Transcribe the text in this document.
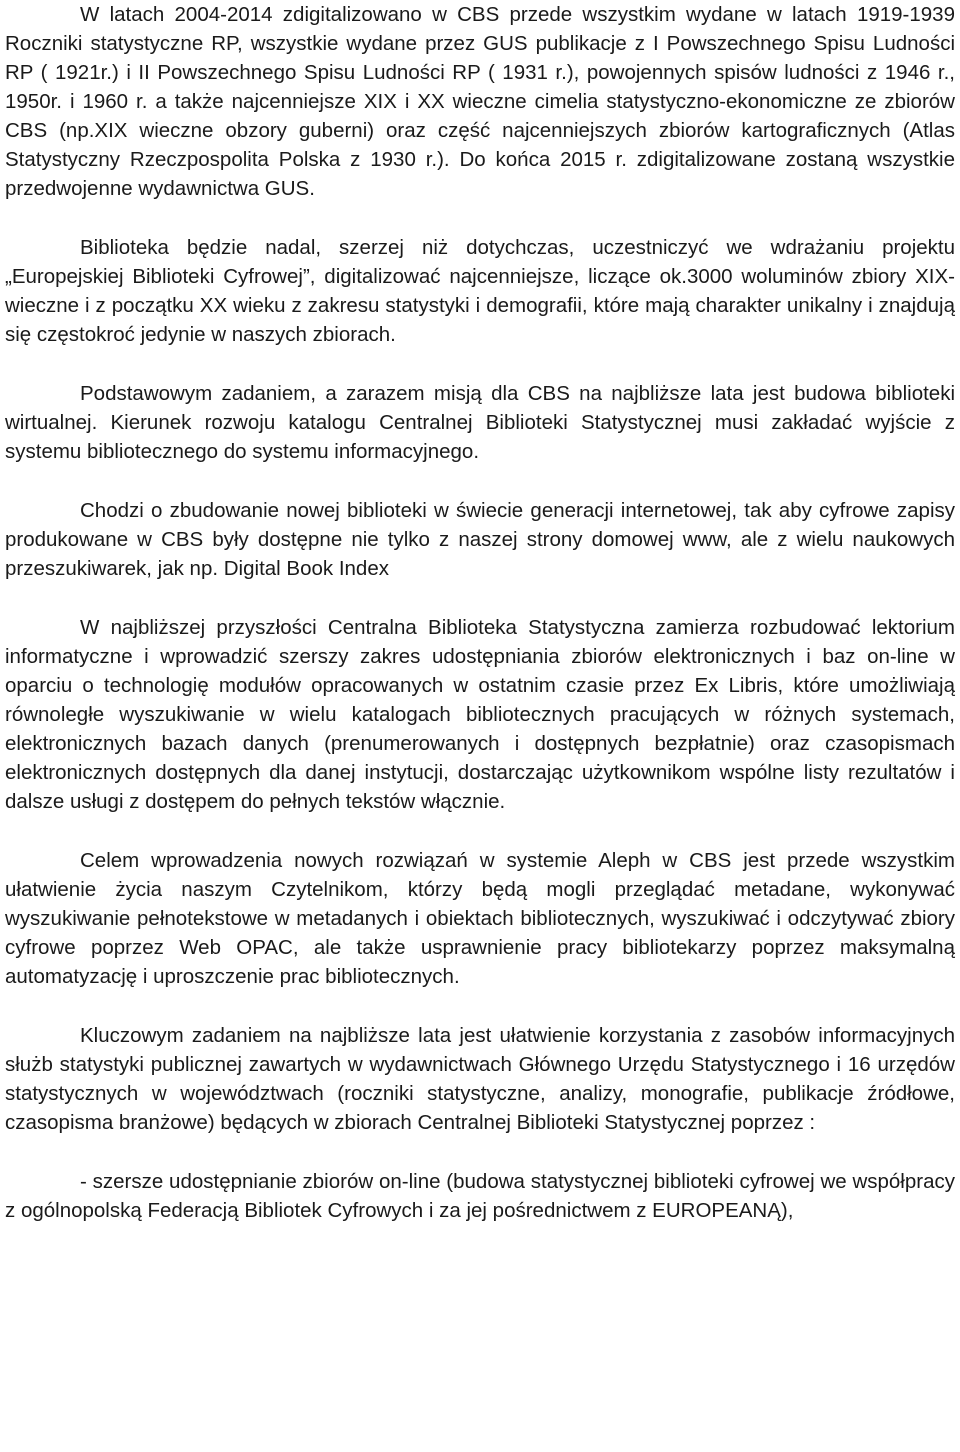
W latach 2004-2014 zdigitalizowano w CBS przede wszystkim wydane w latach 1919-1939 Roczniki statystyczne RP, wszystkie wydane przez GUS publikacje z I Powszechnego Spisu Ludności RP ( 1921r.) i II Powszechnego Spisu Ludności RP ( 1931 r.), powojennych spisów ludności z 1946 r., 1950r. i 1960 r. a także najcenniejsze XIX i XX wieczne cimelia statystyczno-ekonomiczne ze zbiorów CBS (np.XIX wieczne obzory guberni) oraz część najcenniejszych zbiorów kartograficznych (Atlas Statystyczny Rzeczpospolita Polska z 1930 r.). Do końca 2015 r. zdigitalizowane zostaną wszystkie przedwojenne wydawnictwa GUS.

Biblioteka będzie nadal, szerzej niż dotychczas, uczestniczyć we wdrażaniu projektu „Europejskiej Biblioteki Cyfrowej”, digitalizować najcenniejsze, liczące ok.3000 woluminów zbiory XIX-wieczne i z początku XX wieku z zakresu statystyki i demografii, które mają charakter unikalny i znajdują się częstokroć jedynie w naszych zbiorach.

Podstawowym zadaniem, a zarazem misją dla CBS na najbliższe lata jest budowa biblioteki wirtualnej. Kierunek rozwoju katalogu Centralnej Biblioteki Statystycznej musi zakładać wyjście z systemu bibliotecznego do systemu informacyjnego.

Chodzi o zbudowanie nowej biblioteki w świecie generacji internetowej, tak aby cyfrowe zapisy produkowane w CBS były dostępne nie tylko z naszej strony domowej www, ale z wielu naukowych przeszukiwarek, jak np. Digital Book Index

W najbliższej przyszłości Centralna Biblioteka Statystyczna zamierza rozbudować lektorium informatyczne i wprowadzić szerszy zakres udostępniania zbiorów elektronicznych i baz on-line w oparciu o technologię modułów opracowanych w ostatnim czasie przez Ex Libris, które umożliwiają równoległe wyszukiwanie w wielu katalogach bibliotecznych pracujących w różnych systemach, elektronicznych bazach danych (prenumerowanych i dostępnych bezpłatnie) oraz czasopismach elektronicznych dostępnych dla danej instytucji, dostarczając użytkownikom wspólne listy rezultatów i dalsze usługi z dostępem do pełnych tekstów włącznie.

Celem wprowadzenia nowych rozwiązań w systemie Aleph w CBS jest przede wszystkim ułatwienie życia naszym Czytelnikom, którzy będą mogli przeglądać metadane, wykonywać wyszukiwanie pełnotekstowe w metadanych i obiektach bibliotecznych, wyszukiwać i odczytywać zbiory cyfrowe poprzez Web OPAC, ale także usprawnienie pracy bibliotekarzy poprzez maksymalną automatyzację i uproszczenie prac bibliotecznych.

Kluczowym zadaniem na najbliższe lata jest ułatwienie korzystania z zasobów informacyjnych służb statystyki publicznej zawartych w wydawnictwach Głównego Urzędu Statystycznego i 16 urzędów statystycznych w województwach (roczniki statystyczne, analizy, monografie, publikacje źródłowe, czasopisma branżowe) będących w zbiorach Centralnej Biblioteki Statystycznej poprzez :

- szersze udostępnianie zbiorów on-line (budowa statystycznej biblioteki cyfrowej we współpracy z ogólnopolską Federacją Bibliotek Cyfrowych i za jej pośrednictwem z EUROPEANĄ),
